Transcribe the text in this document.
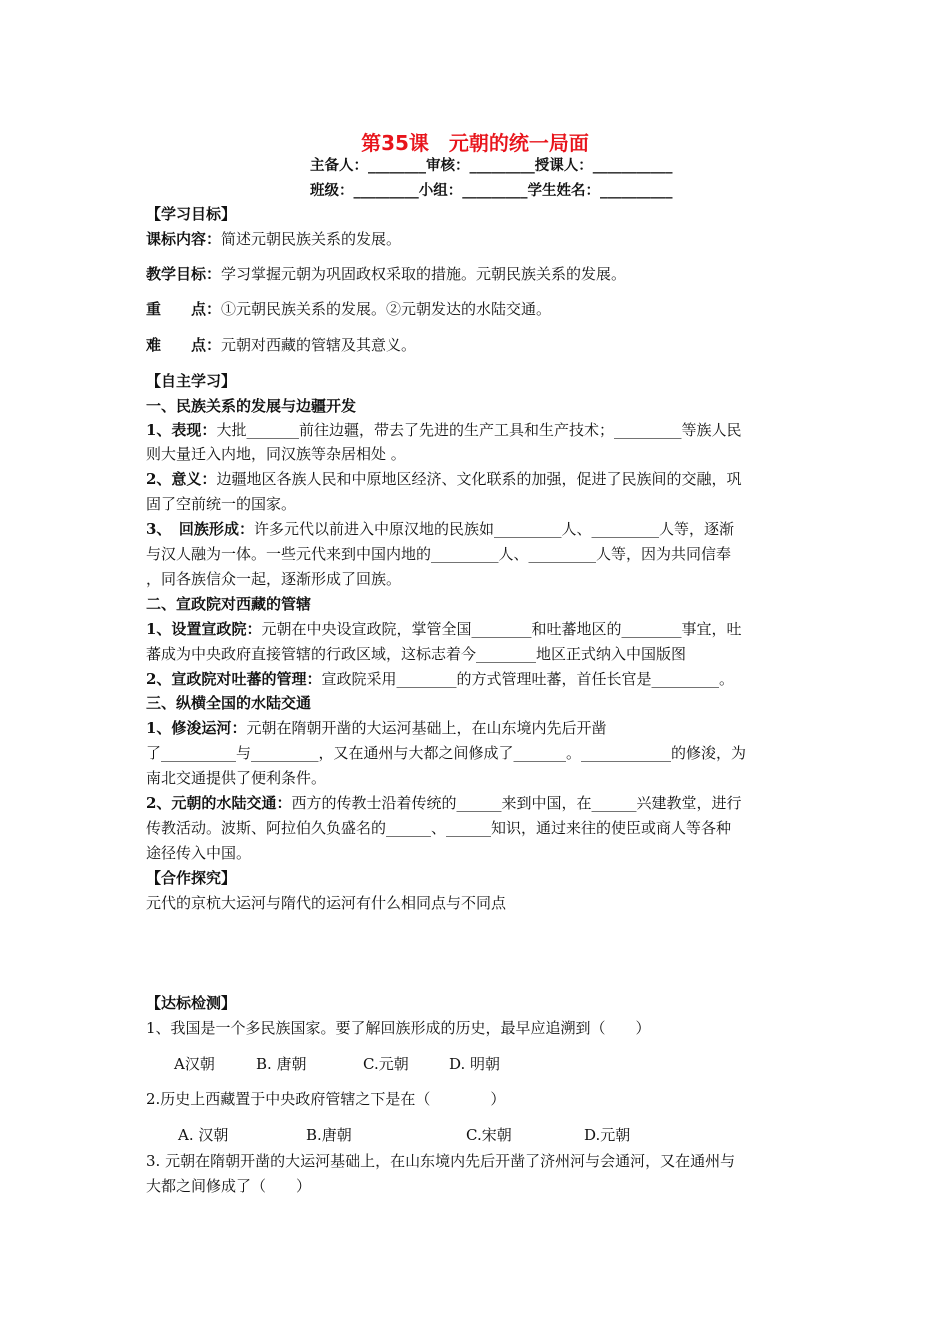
第35课　元朝的统一局面
主备人：________审核：_________授课人：___________
班级：_________小组：_________学生姓名：__________
【学习目标】
课标内容：简述元朝民族关系的发展。
教学目标：学习掌握元朝为巩固政权采取的措施。元朝民族关系的发展。
重　　点：①元朝民族关系的发展。②元朝发达的水陆交通。
难　　点：元朝对西藏的管辖及其意义。
【自主学习】
一、民族关系的发展与边疆开发
1、表现：大批_______前往边疆，带去了先进的生产工具和生产技术；_________等族人民
则大量迁入内地，同汉族等杂居相处 。
2、意义：边疆地区各族人民和中原地区经济、文化联系的加强，促进了民族间的交融，巩
固了空前统一的国家。
3、　回族形成：许多元代以前进入中原汉地的民族如_________人、_________人等，逐渐
与汉人融为一体。一些元代来到中国内地的_________人、_________人等，因为共同信奉
，同各族信众一起，逐渐形成了回族。
二、宣政院对西藏的管辖
1、设置宣政院：元朝在中央设宣政院，掌管全国________和吐蕃地区的________事宜，吐
蕃成为中央政府直接管辖的行政区域，这标志着今________地区正式纳入中国版图
2、宣政院对吐蕃的管理：宣政院采用________的方式管理吐蕃，首任长官是_________。
三、纵横全国的水陆交通
1、修浚运河：元朝在隋朝开凿的大运河基础上，在山东境内先后开凿
了__________与_________，又在通州与大都之间修成了_______。____________的修浚，为
南北交通提供了便利条件。
2、元朝的水陆交通：西方的传教士沿着传统的______来到中国，在______兴建教堂，进行
传教活动。波斯、阿拉伯久负盛名的______、______知识，通过来往的使臣或商人等各种
途径传入中国。
【合作探究】
元代的京杭大运河与隋代的运河有什么相同点与不同点
【达标检测】
1、我国是一个多民族国家。要了解回族形成的历史，最早应追溯到（　　）
A汉朝	B. 唐朝	C.元朝	D. 明朝
2.历史上西藏置于中央政府管辖之下是在（　　　　）
A. 汉朝	B.唐朝	C.宋朝	D.元朝
3. 元朝在隋朝开凿的大运河基础上，在山东境内先后开凿了济州河与会通河，又在通州与
大都之间修成了（　　）
